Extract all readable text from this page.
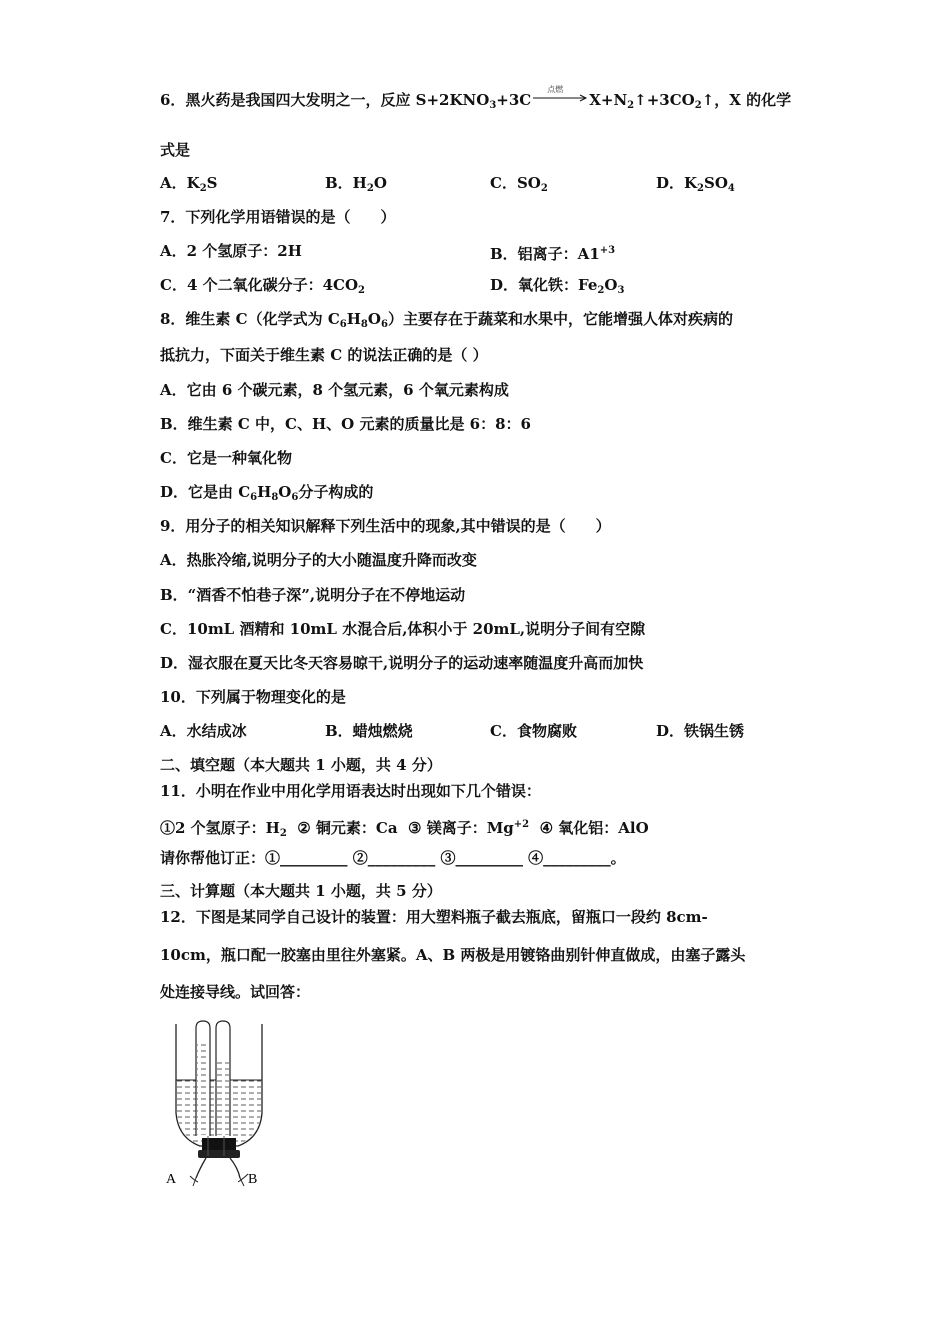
6．黑火药是我国四大发明之一，反应 $S+2KNO_3+3C$
点燃
$X+N_2↑+3CO_2↑$，X 的化学
式是
A．$K_2S$	B．$H_2O$	C．$SO_2$	D．$K_2SO_4$
7．下列化学用语错误的是（　　）
A．2 个氢原子：2H	B．铝离子：$A1^{+3}$
C．4 个二氧化碳分子：$4CO_2$	D．氧化铁：$Fe_2O_3$
8．维生素 C（化学式为 $C_6H_8O_6$）主要存在于蔬菜和水果中，它能增强人体对疾病的
抵抗力，下面关于维生素 C 的说法正确的是（ ）
A．它由 6 个碳元素，8 个氢元素，6 个氧元素构成
B．维生素 C 中，C、H、O 元素的质量比是 6：8：6
C．它是一种氧化物
D．它是由 $C_6H_8O_6$分子构成的
9．用分子的相关知识解释下列生活中的现象,其中错误的是（　　）
A．热胀冷缩,说明分子的大小随温度升降而改变
B．“酒香不怕巷子深”,说明分子在不停地运动
C．10mL 酒精和 10mL 水混合后,体积小于 20mL,说明分子间有空隙
D．湿衣服在夏天比冬天容易晾干,说明分子的运动速率随温度升高而加快
10．下列属于物理变化的是
A．水结成冰	B．蜡烛燃烧	C．食物腐败	D．铁锅生锈
二、填空题（本大题共 1 小题，共 4 分）
11．小明在作业中用化学用语表达时出现如下几个错误：
①2 个氢原子：$H_2$  ② 铜元素：Ca  ③ 镁离子：$Mg^{+2}$  ④ 氧化铝：AlO
请你帮他订正：①_________ ②_________ ③_________ ④_________。
三、计算题（本大题共 1 小题，共 5 分）
12．下图是某同学自己设计的装置：用大塑料瓶子截去瓶底，留瓶口一段约 8cm-
10cm，瓶口配一胶塞由里往外塞紧。A、B 两极是用镀铬曲别针伸直做成，由塞子露头
处连接导线。试回答：
A	B
